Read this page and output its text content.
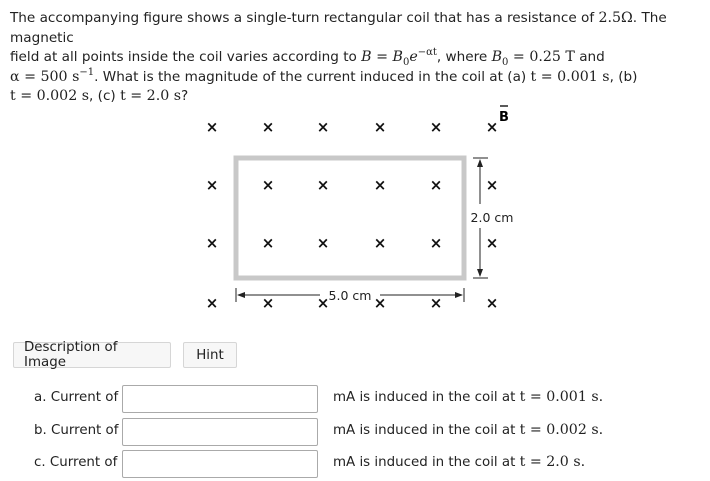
The accompanying figure shows a single-turn rectangular coil that has a resistance of 2.5Ω. The magnetic
field at all points inside the coil varies according to $B = B_0e^{-\alpha t}$, where $B_0 = 0.25$ T and
α = 500 $s^{-1}$. What is the magnitude of the current induced in the coil at (a) t = 0.001 s, (b)
t = 0.002 s, (c) t = 2.0 s?
×	×	×	×	×	×
×	×	×	×	×	×
×	×	×	×	×	×
×	×	×	×	×	×
B
2.0 cm
5.0 cm
Description of Image	Hint
a. Current of	mA is induced in the coil at t = 0.001 s.
b. Current of	mA is induced in the coil at t = 0.002 s.
c. Current of	mA is induced in the coil at t = 2.0 s.
